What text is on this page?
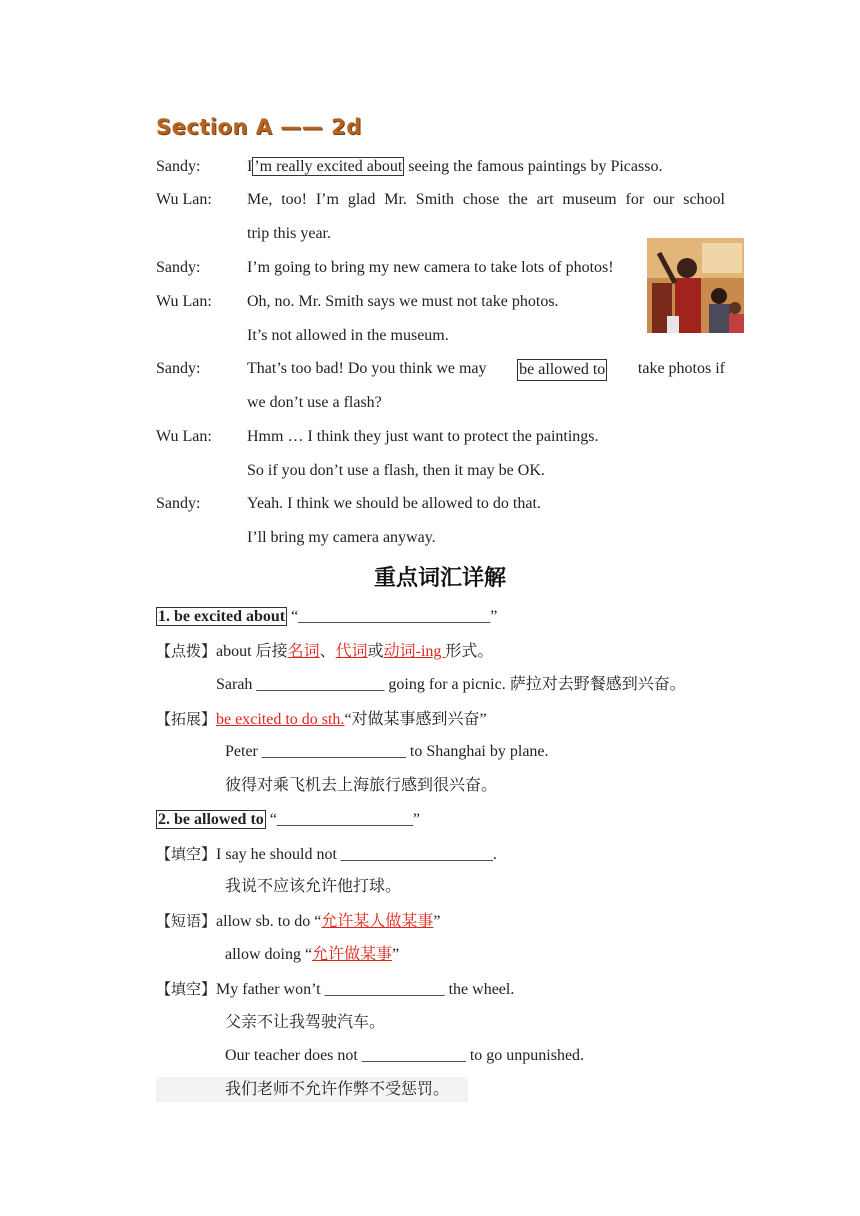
Section A —— 2d
Sandy:	I ’m really excited about seeing the famous paintings by Picasso.
Wu Lan: Me, too! I’m glad Mr. Smith chose the art museum for our school
trip this year.
Sandy:	I’m going to bring my new camera to take lots of photos!
Wu Lan: Oh, no. Mr. Smith says we must not take photos.
It’s not allowed in the museum.
Sandy:	That’s too bad! Do you think we may be allowed to take photos if
we don’t use a flash?
Wu Lan: Hmm … I think they just want to protect the paintings.
So if you don’t use a flash, then it may be OK.
Sandy:	Yeah. I think we should be allowed to do that.
I’ll bring my camera anyway.
重点词汇详解
1. be excited about “________________________”
【点拨】about 后接名词、代词或动词-ing 形式。
Sarah ________________ going for a picnic. 萨拉对去野餐感到兴奋。
【拓展】be excited to do sth.“对做某事感到兴奋”
Peter __________________ to Shanghai by plane.
彼得对乘飞机去上海旅行感到很兴奋。
2. be allowed to “_________________”
【填空】I say he should not ___________________.
我说不应该允许他打球。
【短语】allow sb. to do “允许某人做某事”
allow doing “允许做某事”
【填空】My father won’t _______________ the wheel.
父亲不让我驾驶汽车。
Our teacher does not _____________ to go unpunished.
我们老师不允许作弊不受惩罚。
